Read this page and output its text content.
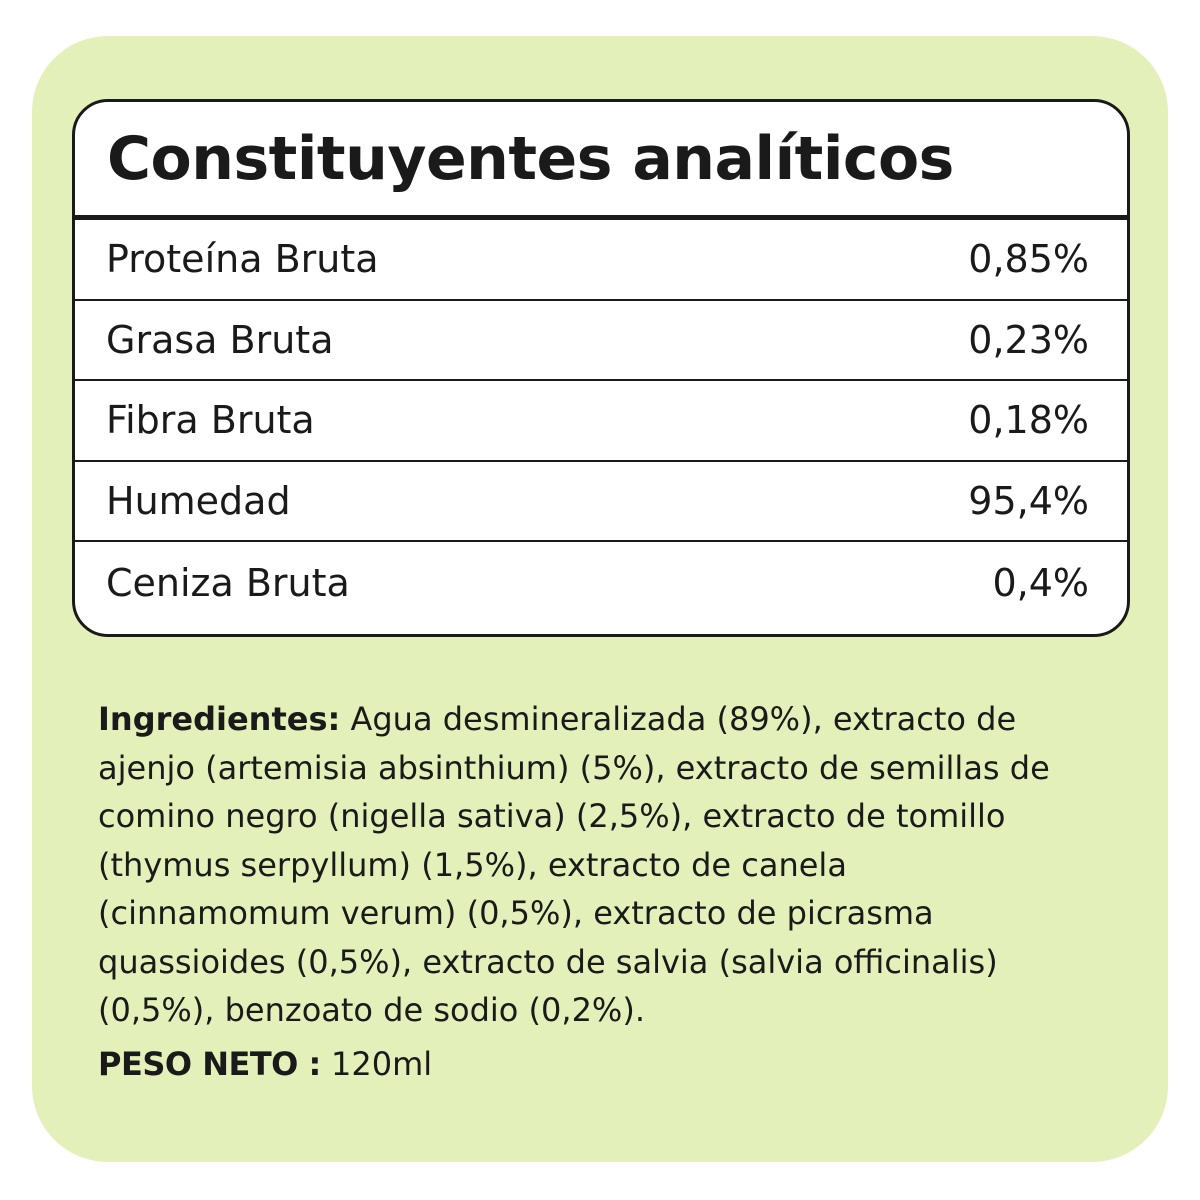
Constituyentes analíticos
Proteína Bruta	0,85%
Grasa Bruta	0,23%
Fibra Bruta	0,18%
Humedad	95,4%
Ceniza Bruta	0,4%
Ingredientes: Agua desmineralizada (89%), extracto de ajenjo (artemisia absinthium) (5%), extracto de semillas de comino negro (nigella sativa) (2,5%), extracto de tomillo (thymus serpyllum) (1,5%), extracto de canela (cinnamomum verum) (0,5%), extracto de picrasma quassioides (0,5%), extracto de salvia (salvia officinalis) (0,5%), benzoato de sodio (0,2%).
PESO NETO : 120ml
